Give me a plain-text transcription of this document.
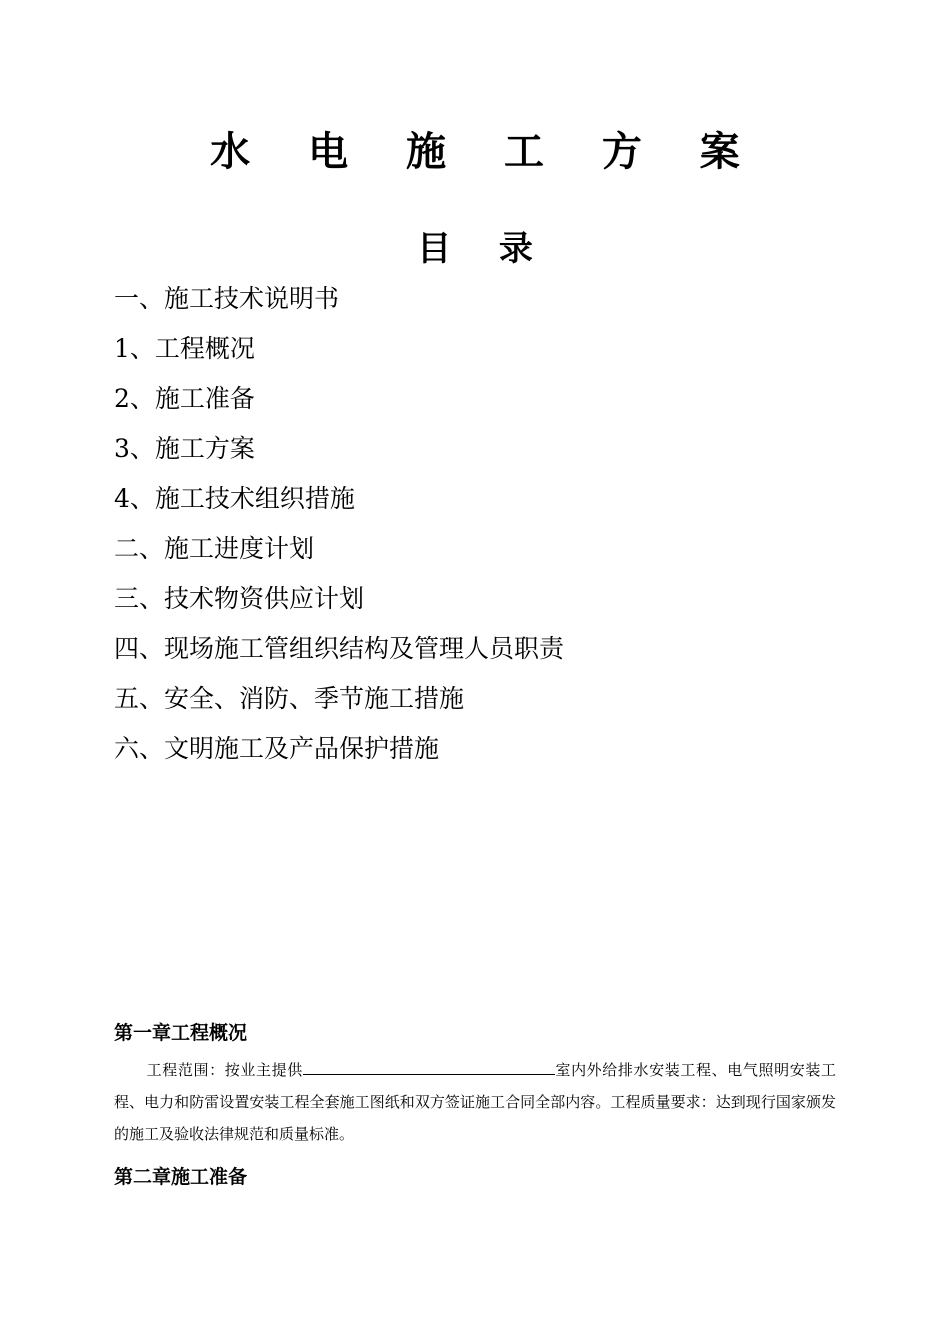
水 电 施 工 方 案
目 录
一、施工技术说明书
1、工程概况
2、施工准备
3、施工方案
4、施工技术组织措施
二、施工进度计划
三、技术物资供应计划
四、现场施工管组织结构及管理人员职责
五、安全、消防、季节施工措施
六、文明施工及产品保护措施
第一章工程概况

工程范围：按业主提供	室内外给排水安装工程、电气照明安装工程、电力和防雷设置安装工程全套施工图纸和双方签证施工合同全部内容。工程质量要求：达到现行国家颁发的施工及验收法律规范和质量标准。

第二章施工准备
